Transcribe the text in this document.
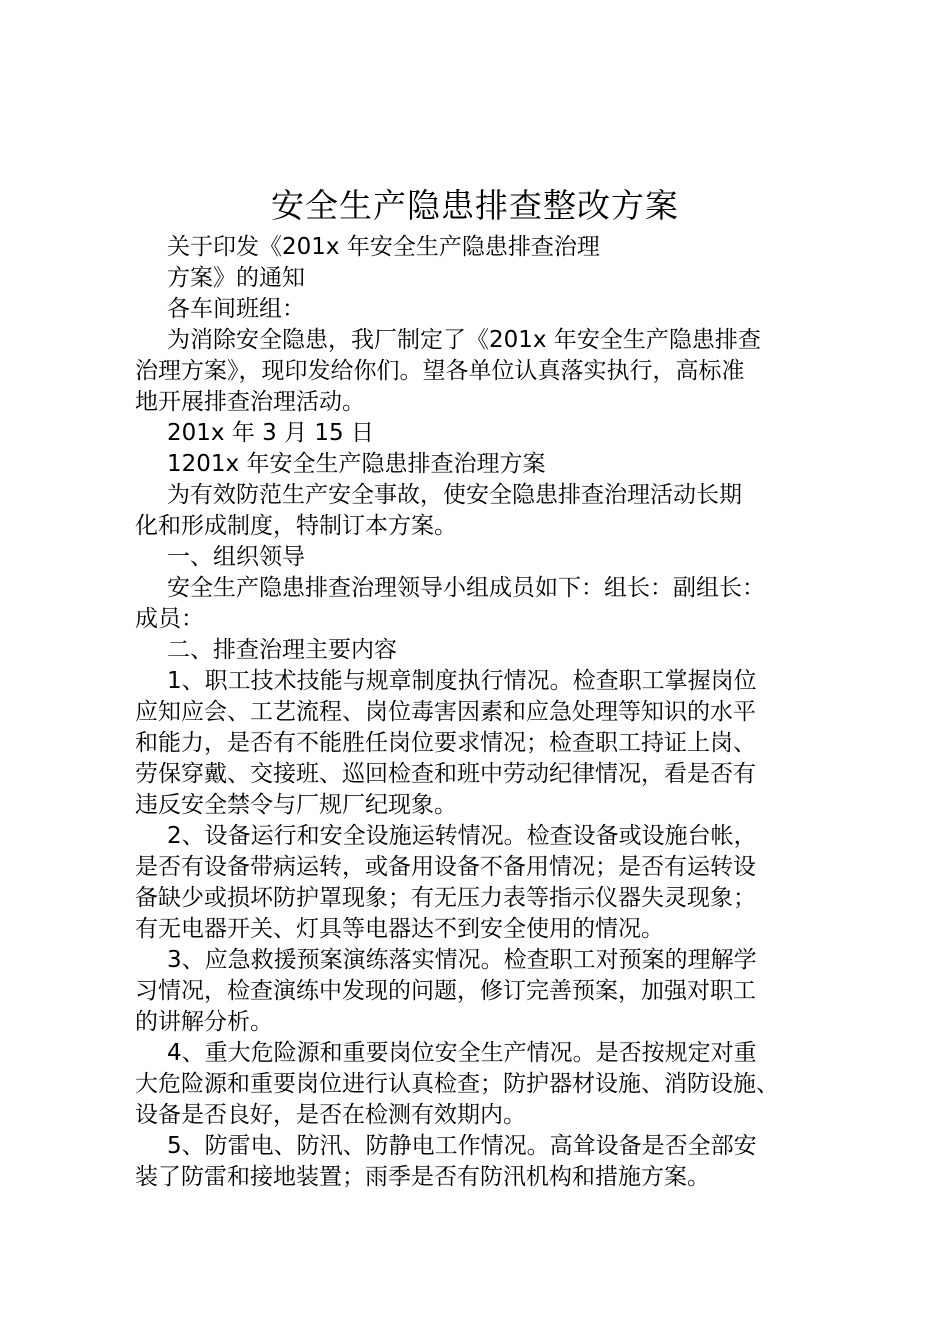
安全生产隐患排查整改方案
关于印发《201x 年安全生产隐患排查治理
方案》的通知
各车间班组：
为消除安全隐患，我厂制定了《201x 年安全生产隐患排查
治理方案》，现印发给你们。望各单位认真落实执行，高标准
地开展排查治理活动。
201x 年 3 月 15 日
1201x 年安全生产隐患排查治理方案
为有效防范生产安全事故，使安全隐患排查治理活动长期
化和形成制度，特制订本方案。
一、组织领导
安全生产隐患排查治理领导小组成员如下：组长：副组长：
成员：
二、排查治理主要内容
1、职工技术技能与规章制度执行情况。检查职工掌握岗位
应知应会、工艺流程、岗位毒害因素和应急处理等知识的水平
和能力，是否有不能胜任岗位要求情况；检查职工持证上岗、
劳保穿戴、交接班、巡回检查和班中劳动纪律情况，看是否有
违反安全禁令与厂规厂纪现象。
2、设备运行和安全设施运转情况。检查设备或设施台帐，
是否有设备带病运转，或备用设备不备用情况；是否有运转设
备缺少或损坏防护罩现象；有无压力表等指示仪器失灵现象；
有无电器开关、灯具等电器达不到安全使用的情况。
3、应急救援预案演练落实情况。检查职工对预案的理解学
习情况，检查演练中发现的问题，修订完善预案，加强对职工
的讲解分析。
4、重大危险源和重要岗位安全生产情况。是否按规定对重
大危险源和重要岗位进行认真检查；防护器材设施、消防设施、
设备是否良好，是否在检测有效期内。
5、防雷电、防汛、防静电工作情况。高耸设备是否全部安
装了防雷和接地装置；雨季是否有防汛机构和措施方案。
